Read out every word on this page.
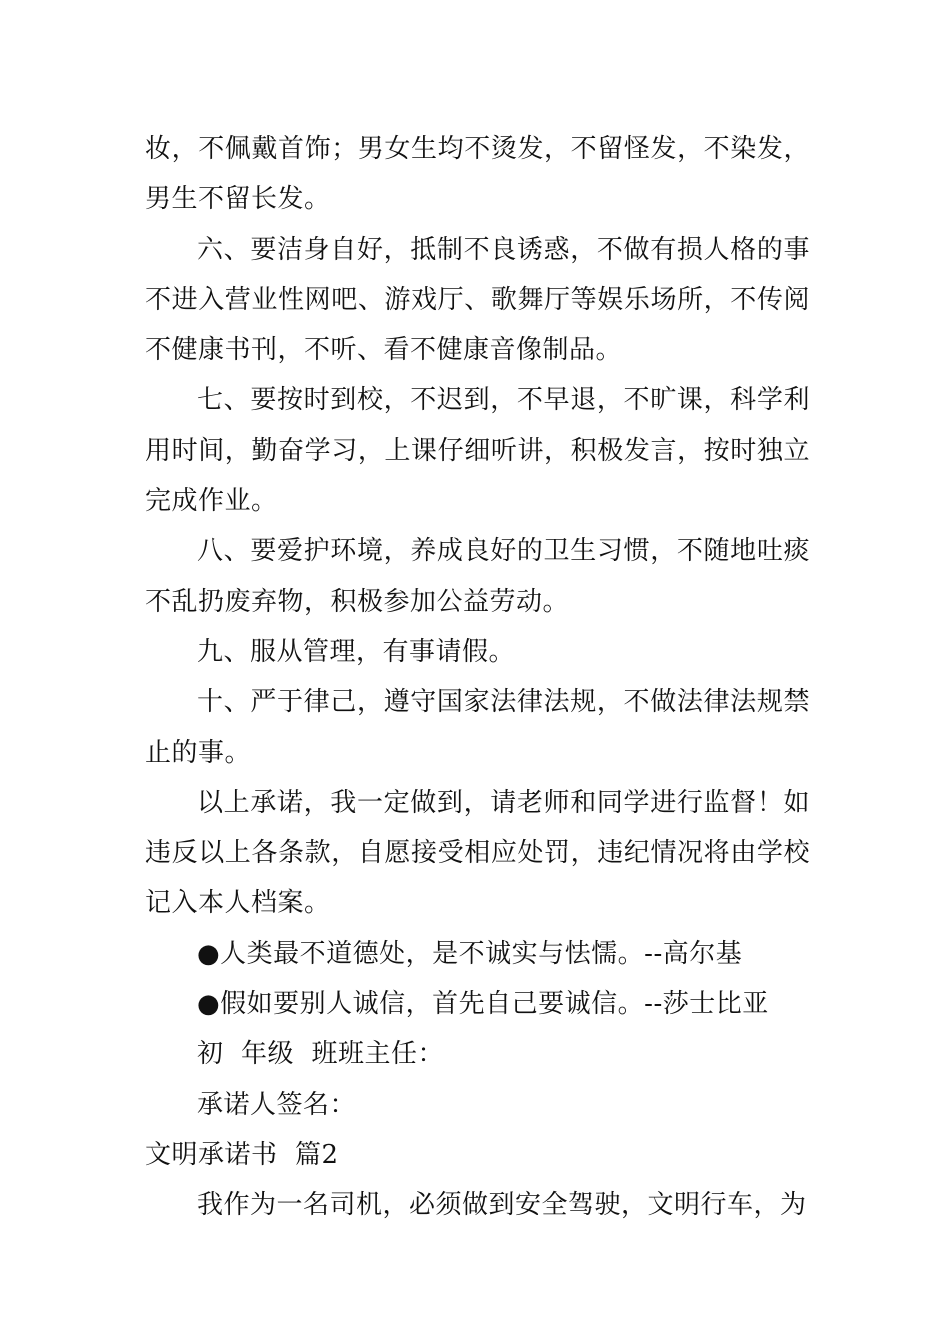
妆，不佩戴首饰；男女生均不烫发，不留怪发，不染发，男生不留长发。

六、要洁身自好，抵制不良诱惑，不做有损人格的事不进入营业性网吧、游戏厅、歌舞厅等娱乐场所，不传阅不健康书刊，不听、看不健康音像制品。

七、要按时到校，不迟到，不早退，不旷课，科学利用时间，勤奋学习，上课仔细听讲，积极发言，按时独立完成作业。

八、要爱护环境，养成良好的卫生习惯，不随地吐痰不乱扔废弃物，积极参加公益劳动。

九、服从管理，有事请假。

十、严于律己，遵守国家法律法规，不做法律法规禁止的事。

以上承诺，我一定做到，请老师和同学进行监督！如违反以上各条款，自愿接受相应处罚，违纪情况将由学校记入本人档案。

●人类最不道德处，是不诚实与怯懦。--高尔基

●假如要别人诚信，首先自己要诚信。--莎士比亚

初  年级  班班主任：

承诺人签名：

文明承诺书  篇2

我作为一名司机，必须做到安全驾驶，文明行车，为
